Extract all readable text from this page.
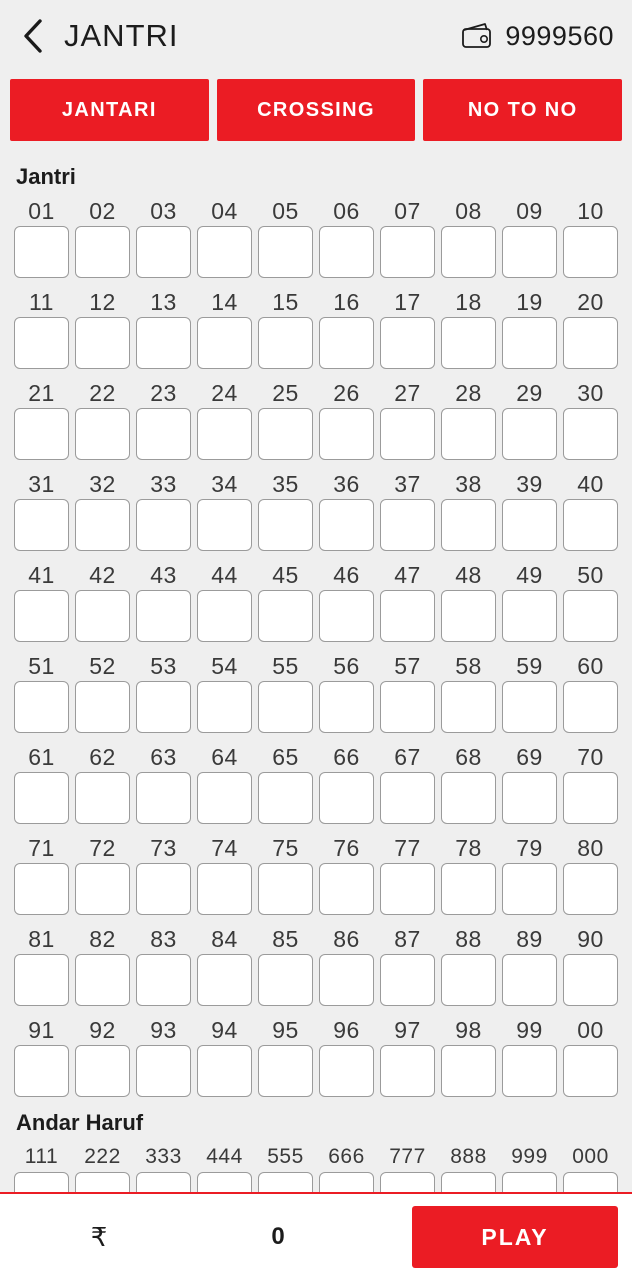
JANTRI	9999560
JANTARI	CROSSING	NO TO NO
Jantri
01 02 03 04 05 06 07 08 09 10
11 12 13 14 15 16 17 18 19 20
21 22 23 24 25 26 27 28 29 30
31 32 33 34 35 36 37 38 39 40
41 42 43 44 45 46 47 48 49 50
51 52 53 54 55 56 57 58 59 60
61 62 63 64 65 66 67 68 69 70
71 72 73 74 75 76 77 78 79 80
81 82 83 84 85 86 87 88 89 90
91 92 93 94 95 96 97 98 99 00
Andar Haruf
111 222 333 444 555 666 777 888 999 000
₹	0	PLAY
